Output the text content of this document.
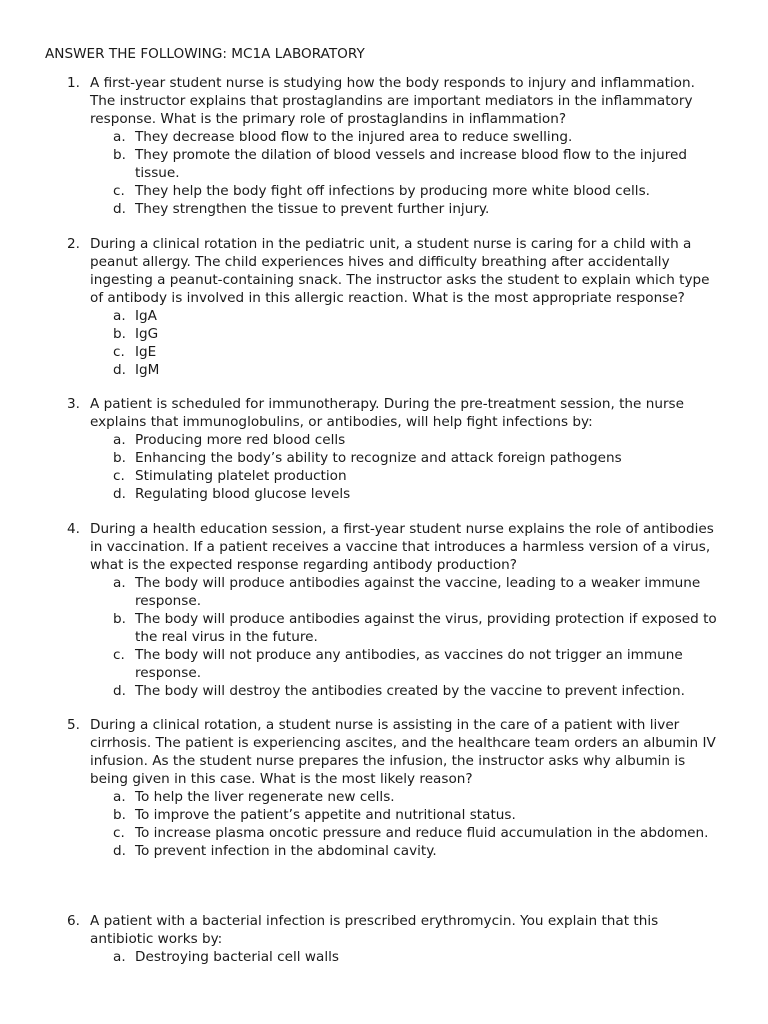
ANSWER THE FOLLOWING: MC1A LABORATORY
1. A first-year student nurse is studying how the body responds to injury and inflammation. The instructor explains that prostaglandins are important mediators in the inflammatory response. What is the primary role of prostaglandins in inflammation?
a. They decrease blood flow to the injured area to reduce swelling.
b. They promote the dilation of blood vessels and increase blood flow to the injured tissue.
c. They help the body fight off infections by producing more white blood cells.
d. They strengthen the tissue to prevent further injury.
2. During a clinical rotation in the pediatric unit, a student nurse is caring for a child with a peanut allergy. The child experiences hives and difficulty breathing after accidentally ingesting a peanut-containing snack. The instructor asks the student to explain which type of antibody is involved in this allergic reaction. What is the most appropriate response?
a. IgA
b. IgG
c. IgE
d. IgM
3. A patient is scheduled for immunotherapy. During the pre-treatment session, the nurse explains that immunoglobulins, or antibodies, will help fight infections by:
a. Producing more red blood cells
b. Enhancing the body’s ability to recognize and attack foreign pathogens
c. Stimulating platelet production
d. Regulating blood glucose levels
4. During a health education session, a first-year student nurse explains the role of antibodies in vaccination. If a patient receives a vaccine that introduces a harmless version of a virus, what is the expected response regarding antibody production?
a. The body will produce antibodies against the vaccine, leading to a weaker immune response.
b. The body will produce antibodies against the virus, providing protection if exposed to the real virus in the future.
c. The body will not produce any antibodies, as vaccines do not trigger an immune response.
d. The body will destroy the antibodies created by the vaccine to prevent infection.
5. During a clinical rotation, a student nurse is assisting in the care of a patient with liver cirrhosis. The patient is experiencing ascites, and the healthcare team orders an albumin IV infusion. As the student nurse prepares the infusion, the instructor asks why albumin is being given in this case. What is the most likely reason?
a. To help the liver regenerate new cells.
b. To improve the patient’s appetite and nutritional status.
c. To increase plasma oncotic pressure and reduce fluid accumulation in the abdomen.
d. To prevent infection in the abdominal cavity.
6. A patient with a bacterial infection is prescribed erythromycin. You explain that this antibiotic works by:
a. Destroying bacterial cell walls
